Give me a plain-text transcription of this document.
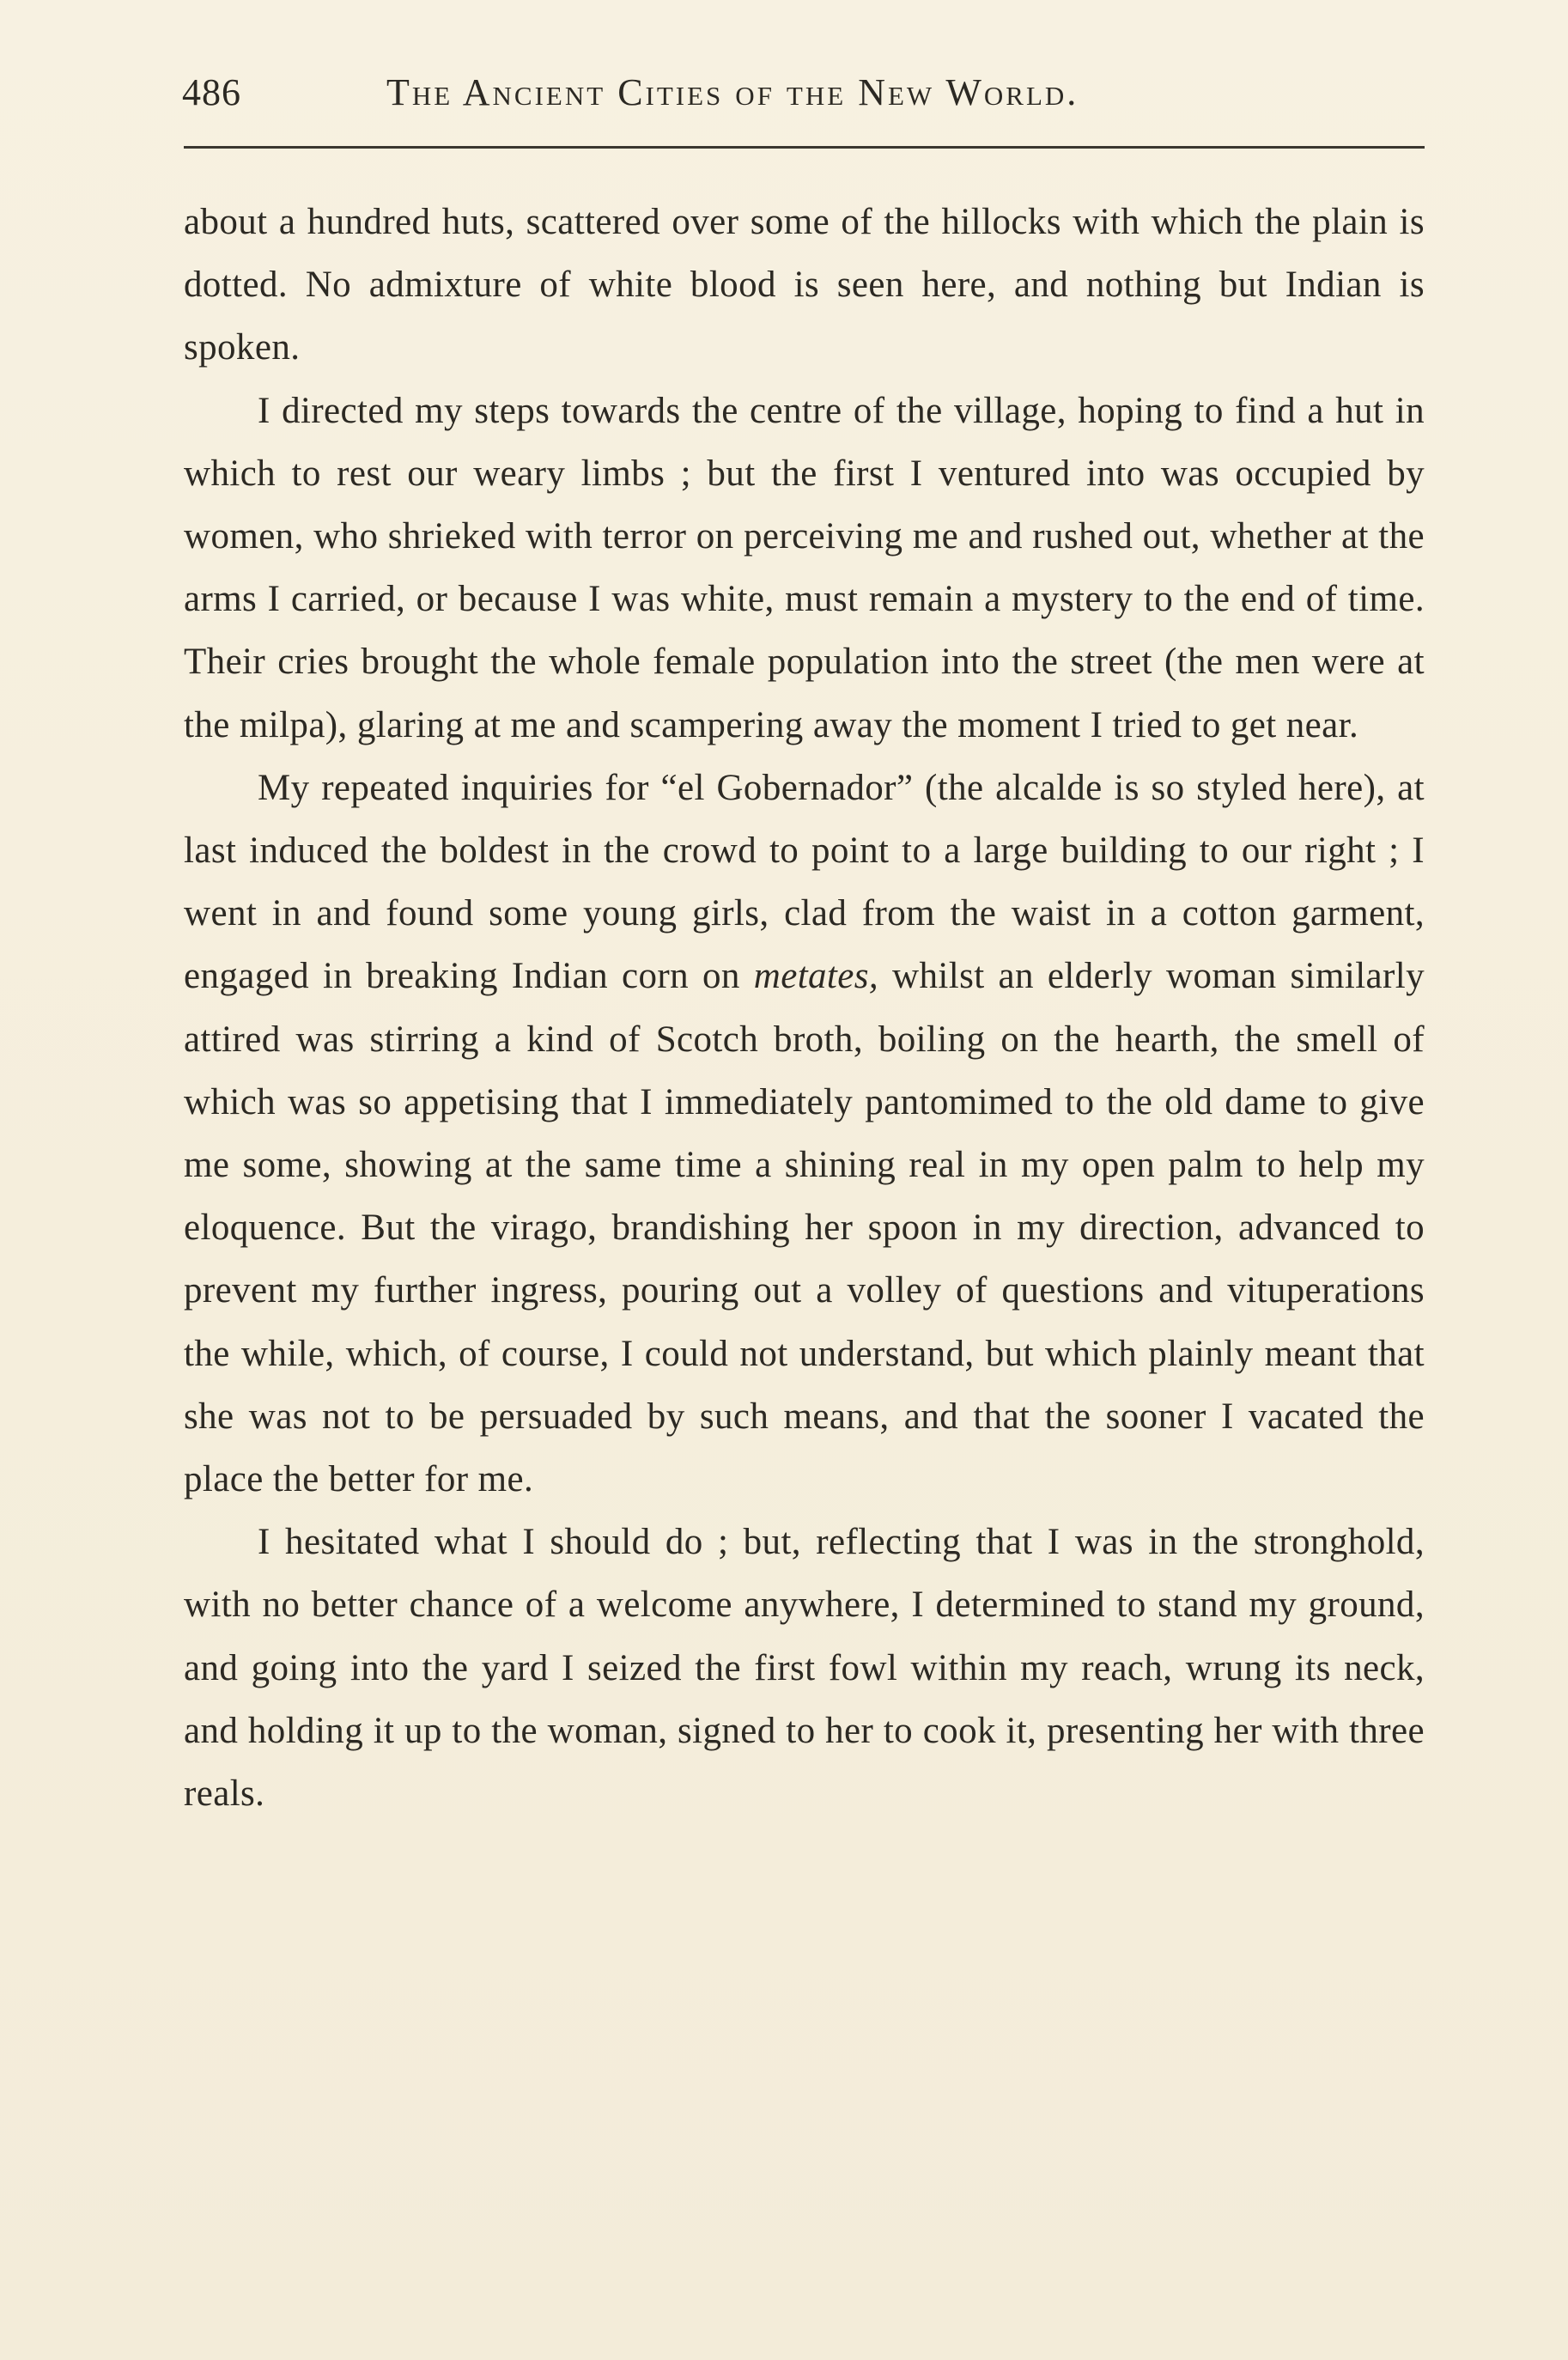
486	The Ancient Cities of the New World.

about a hundred huts, scattered over some of the hillocks with which the plain is dotted. No admixture of white blood is seen here, and nothing but Indian is spoken.

I directed my steps towards the centre of the village, hoping to find a hut in which to rest our weary limbs ; but the first I ventured into was occupied by women, who shrieked with terror on perceiving me and rushed out, whether at the arms I carried, or because I was white, must remain a mystery to the end of time. Their cries brought the whole female population into the street (the men were at the milpa), glaring at me and scampering away the moment I tried to get near.

My repeated inquiries for “el Gobernador” (the alcalde is so styled here), at last induced the boldest in the crowd to point to a large building to our right ; I went in and found some young girls, clad from the waist in a cotton garment, engaged in breaking Indian corn on metates, whilst an elderly woman similarly attired was stirring a kind of Scotch broth, boiling on the hearth, the smell of which was so appetising that I immediately pantomimed to the old dame to give me some, showing at the same time a shining real in my open palm to help my eloquence. But the virago, brandishing her spoon in my direction, advanced to prevent my further ingress, pouring out a volley of questions and vituperations the while, which, of course, I could not understand, but which plainly meant that she was not to be persuaded by such means, and that the sooner I vacated the place the better for me.

I hesitated what I should do ; but, reflecting that I was in the stronghold, with no better chance of a welcome anywhere, I determined to stand my ground, and going into the yard I seized the first fowl within my reach, wrung its neck, and holding it up to the woman, signed to her to cook it, presenting her with three reals.
